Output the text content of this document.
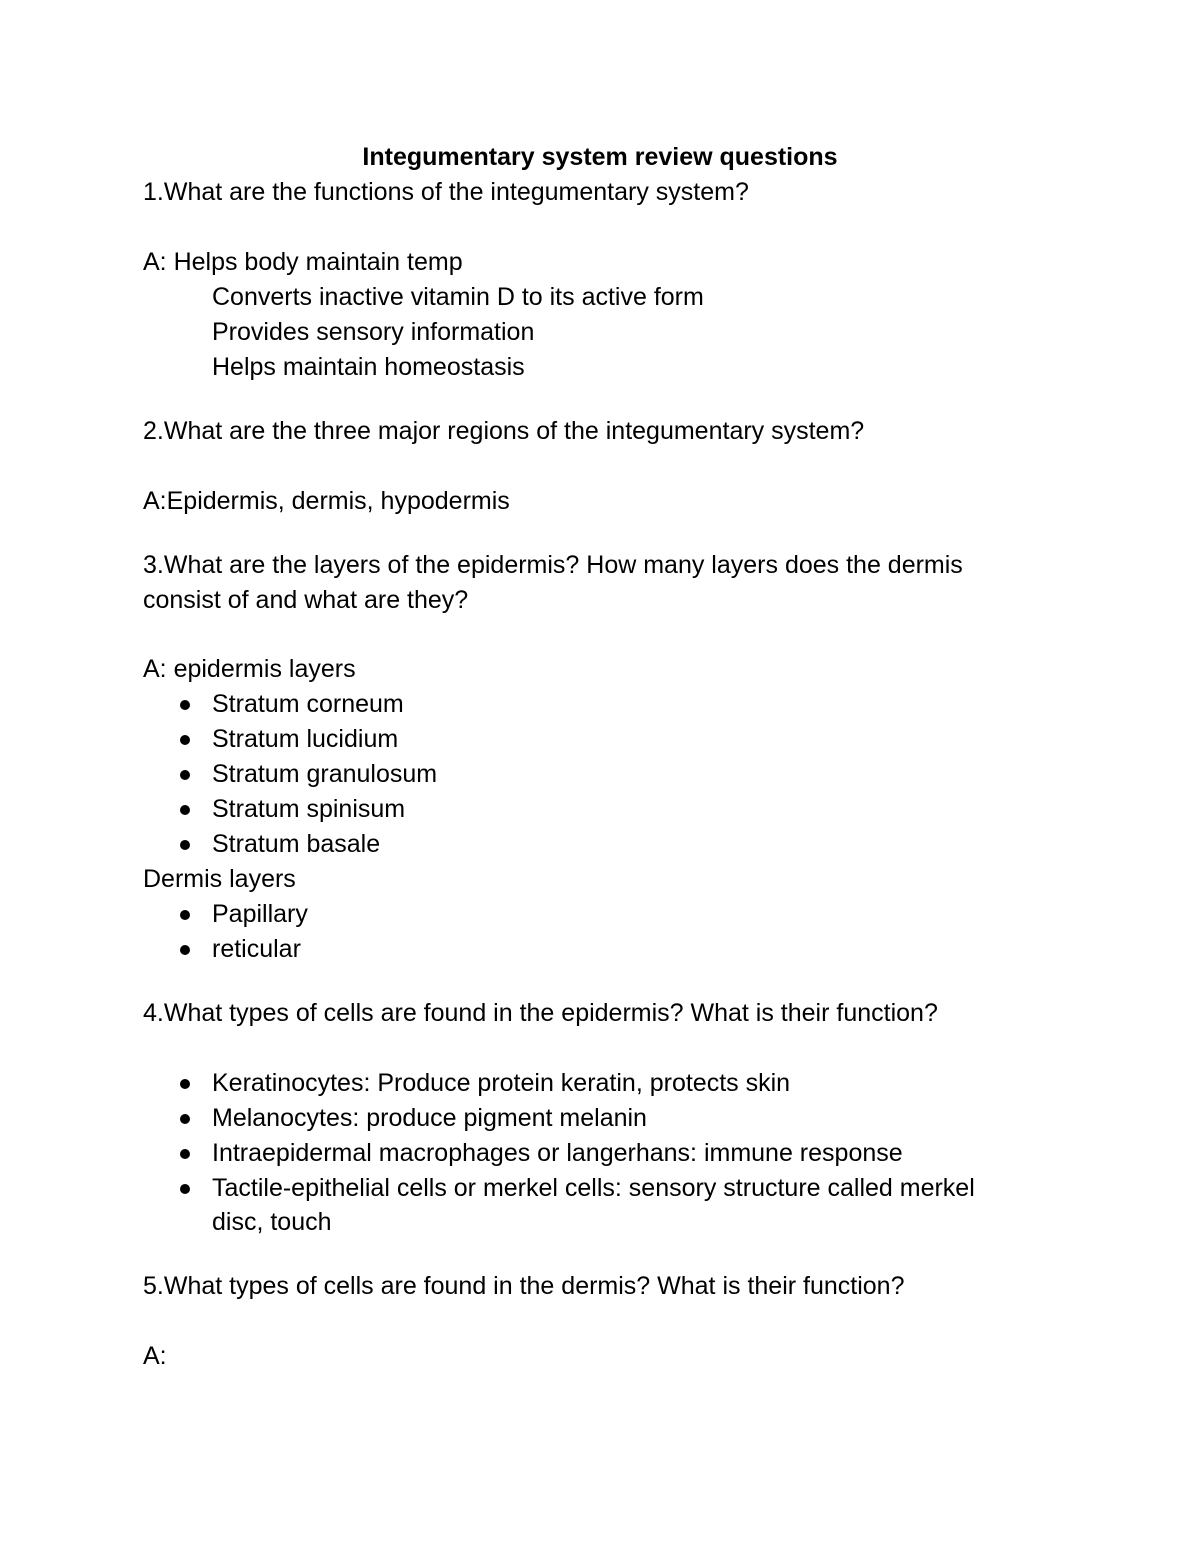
Integumentary system review questions
1.What are the functions of the integumentary system?
A: Helps body maintain temp
Converts inactive vitamin D to its active form
Provides sensory information
Helps maintain homeostasis
2.What are the three major regions of the integumentary system?
A:Epidermis, dermis, hypodermis
3.What are the layers of the epidermis? How many layers does the dermis
consist of and what are they?
A: epidermis layers
Stratum corneum
Stratum lucidium
Stratum granulosum
Stratum spinisum
Stratum basale
Dermis layers
Papillary
reticular
4.What types of cells are found in the epidermis? What is their function?
Keratinocytes: Produce protein keratin, protects skin
Melanocytes: produce pigment melanin
Intraepidermal macrophages or langerhans: immune response
Tactile-epithelial cells or merkel cells: sensory structure called merkel
disc, touch
5.What types of cells are found in the dermis? What is their function?
A:
